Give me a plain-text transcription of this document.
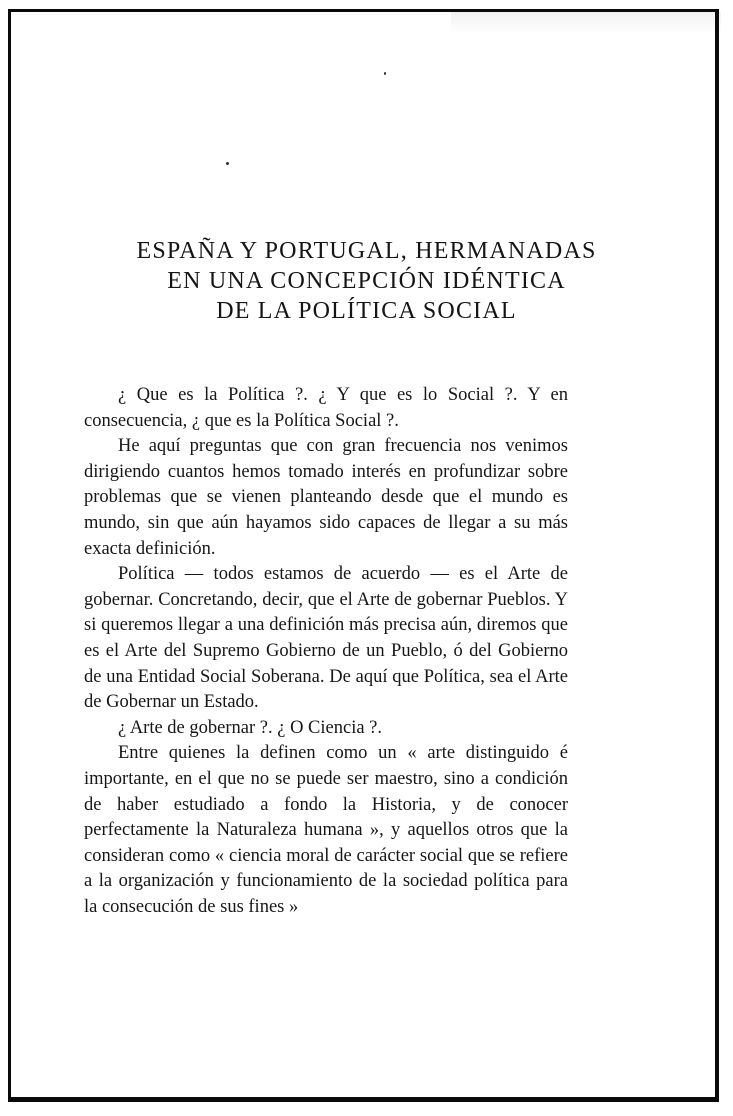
ESPAÑA Y PORTUGAL, HERMANADAS
EN UNA CONCEPCIÓN IDÉNTICA
DE LA POLÍTICA SOCIAL

¿ Que es la Política ?. ¿ Y que es lo Social ?. Y en consecuencia, ¿ que es la Política Social ?.

He aquí preguntas que con gran frecuencia nos venimos dirigiendo cuantos hemos tomado interés en profundizar sobre problemas que se vienen planteando desde que el mundo es mundo, sin que aún hayamos sido capaces de llegar a su más exacta definición.

Política — todos estamos de acuerdo — es el Arte de gobernar. Concretando, decir, que el Arte de gobernar Pueblos. Y si queremos llegar a una definición más precisa aún, diremos que es el Arte del Supremo Gobierno de un Pueblo, ó del Gobierno de una Entidad Social Soberana. De aquí que Política, sea el Arte de Gobernar un Estado.

¿ Arte de gobernar ?. ¿ O Ciencia ?.

Entre quienes la definen como un « arte distinguido é importante, en el que no se puede ser maestro, sino a condición de haber estudiado a fondo la Historia, y de conocer perfectamente la Naturaleza humana », y aquellos otros que la consideran como « ciencia moral de carácter social que se refiere a la organización y funcionamiento de la sociedad política para la consecución de sus fines »
